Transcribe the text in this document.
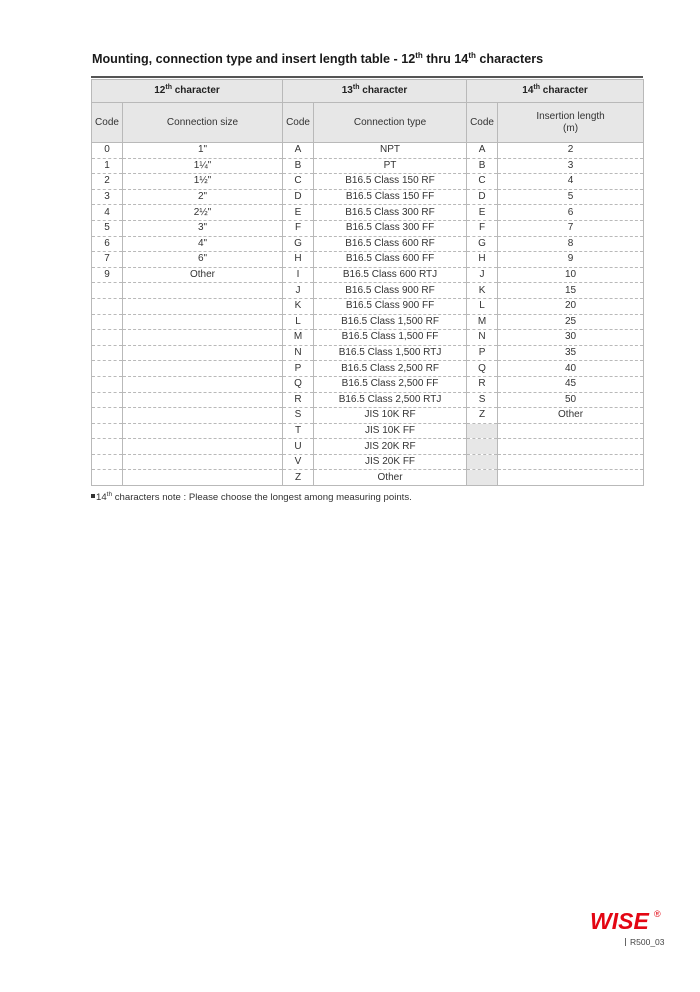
Mounting, connection type and insert length table - 12th thru 14th characters
12th character		13th character		14th character	
Code	Connection size	Code	Connection type	Code	Insertion length
(m)
0	1"	A	NPT	A	2
1	1¼"	B	PT	B	3
2	1½"	C	B16.5 Class 150 RF	C	4
3	2"	D	B16.5 Class 150 FF	D	5
4	2½"	E	B16.5 Class 300 RF	E	6
5	3"	F	B16.5 Class 300 FF	F	7
6	4"	G	B16.5 Class 600 RF	G	8
7	6"	H	B16.5 Class 600 FF	H	9
9	Other	I	B16.5 Class 600 RTJ	J	10
		J	B16.5 Class 900 RF	K	15
		K	B16.5 Class 900 FF	L	20
		L	B16.5 Class 1,500 RF	M	25
		M	B16.5 Class 1,500 FF	N	30
		N	B16.5 Class 1,500 RTJ	P	35
		P	B16.5 Class 2,500 RF	Q	40
		Q	B16.5 Class 2,500 FF	R	45
		R	B16.5 Class 2,500 RTJ	S	50
		S	JIS 10K RF	Z	Other
		T	JIS 10K FF		
		U	JIS 20K RF		
		V	JIS 20K FF		
		Z	Other		
14th characters note : Please choose the longest among measuring points.
WISE ®
R500_03
